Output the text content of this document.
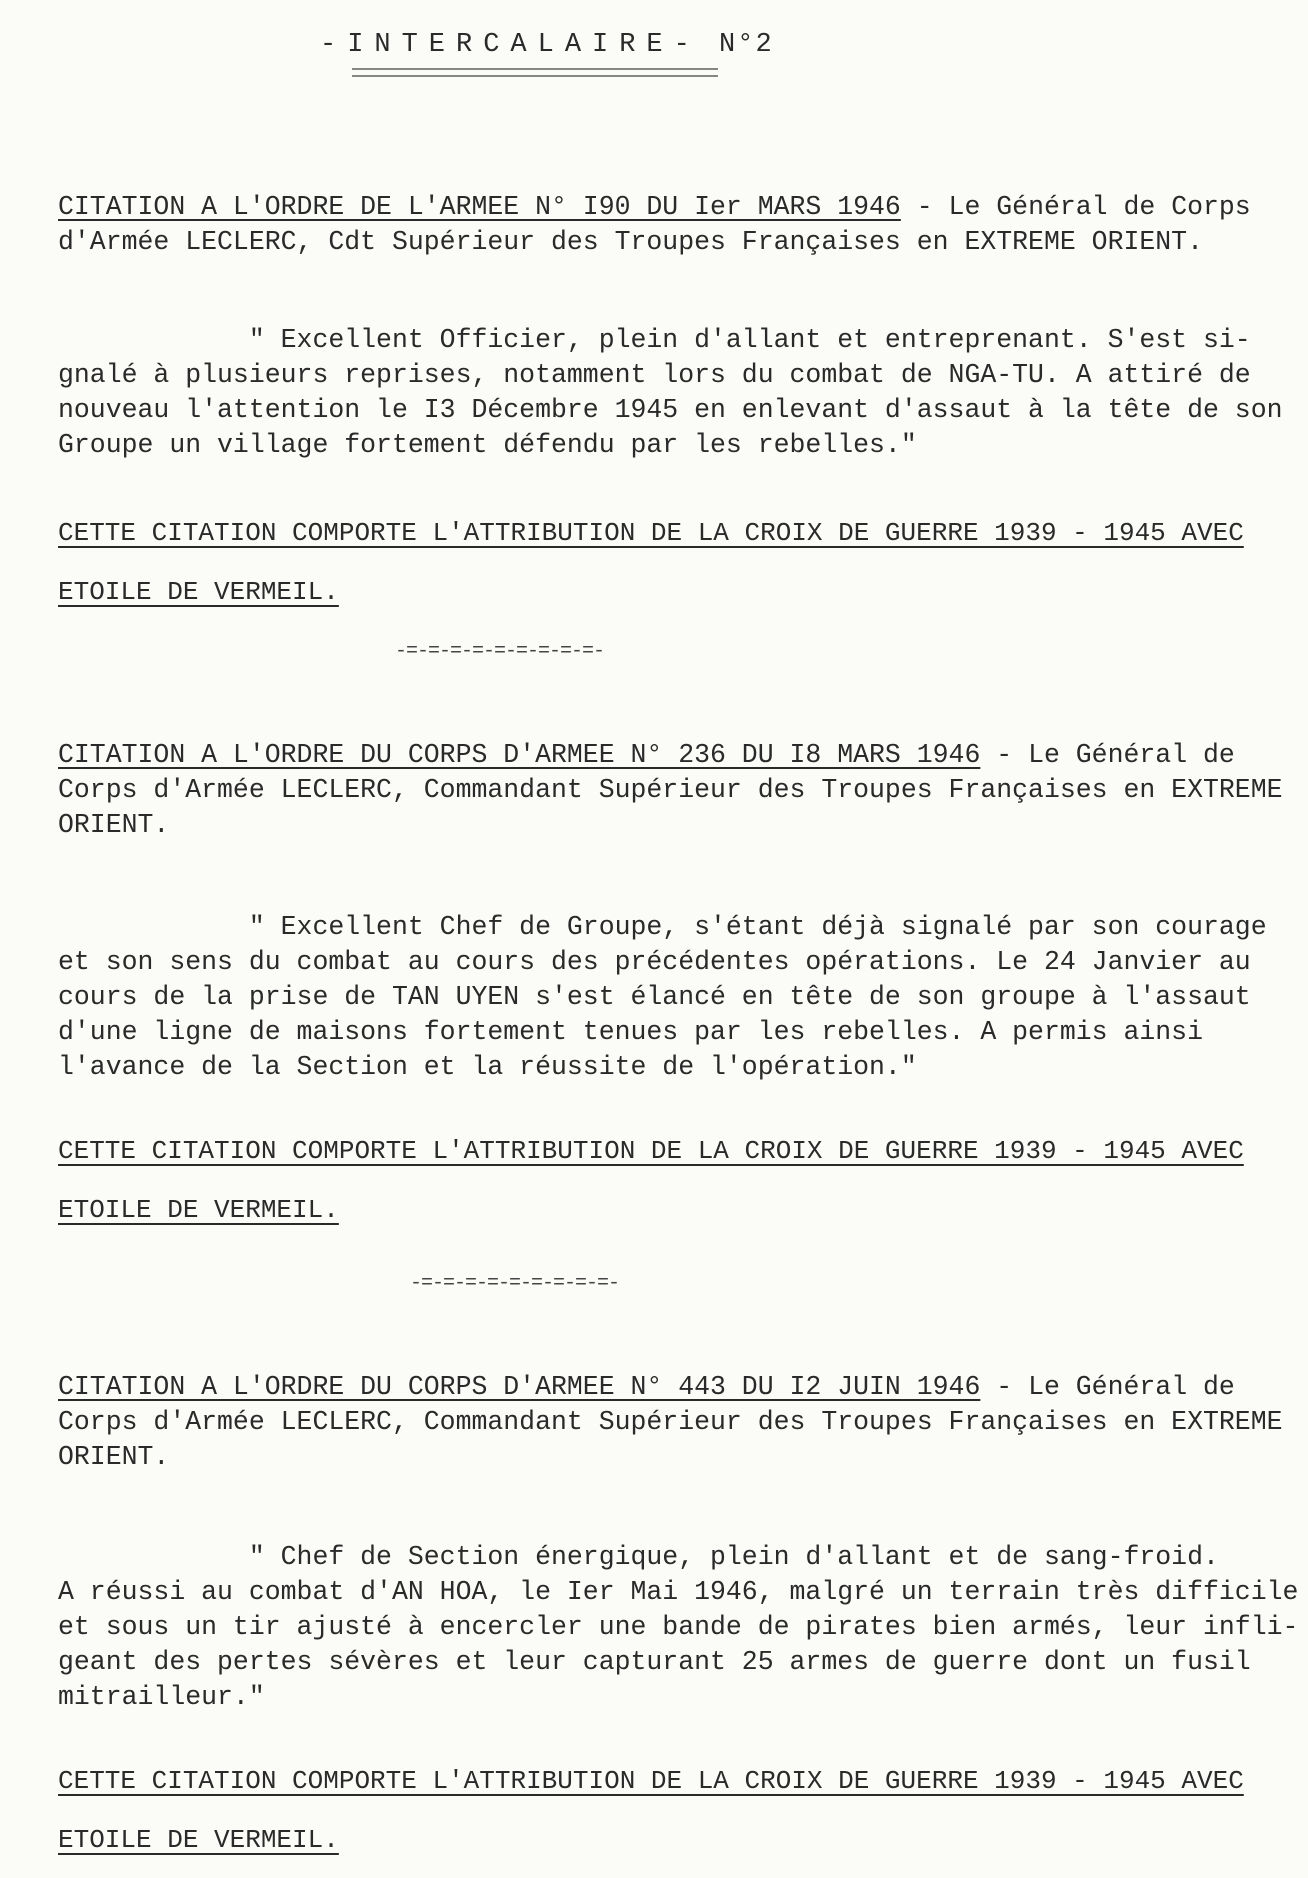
-INTERCALAIRE- N°2
CITATION A L'ORDRE DE L'ARMEE N° I90 DU Ier MARS 1946 - Le Général de Corps
d'Armée LECLERC, Cdt Supérieur des Troupes Françaises en EXTREME ORIENT.
" Excellent Officier, plein d'allant et entreprenant. S'est si-
gnalé à plusieurs reprises, notamment lors du combat de NGA-TU. A attiré de
nouveau l'attention le I3 Décembre 1945 en enlevant d'assaut à la tête de son
Groupe un village fortement défendu par les rebelles."
CETTE CITATION COMPORTE L'ATTRIBUTION DE LA CROIX DE GUERRE 1939 - 1945 AVEC
ETOILE DE VERMEIL.
-=-=-=-=-=-=-=-=-=-
CITATION A L'ORDRE DU CORPS D'ARMEE N° 236 DU I8 MARS 1946 - Le Général de
Corps d'Armée LECLERC, Commandant Supérieur des Troupes Françaises en EXTREME
ORIENT.
" Excellent Chef de Groupe, s'étant déjà signalé par son courage
et son sens du combat au cours des précédentes opérations. Le 24 Janvier au
cours de la prise de TAN UYEN s'est élancé en tête de son groupe à l'assaut
d'une ligne de maisons fortement tenues par les rebelles. A permis ainsi
l'avance de la Section et la réussite de l'opération."
CETTE CITATION COMPORTE L'ATTRIBUTION DE LA CROIX DE GUERRE 1939 - 1945 AVEC
ETOILE DE VERMEIL.
-=-=-=-=-=-=-=-=-=-
CITATION A L'ORDRE DU CORPS D'ARMEE N° 443 DU I2 JUIN 1946 - Le Général de
Corps d'Armée LECLERC, Commandant Supérieur des Troupes Françaises en EXTREME
ORIENT.
" Chef de Section énergique, plein d'allant et de sang-froid.
A réussi au combat d'AN HOA, le Ier Mai 1946, malgré un terrain très difficile
et sous un tir ajusté à encercler une bande de pirates bien armés, leur infli-
geant des pertes sévères et leur capturant 25 armes de guerre dont un fusil
mitrailleur."
CETTE CITATION COMPORTE L'ATTRIBUTION DE LA CROIX DE GUERRE 1939 - 1945 AVEC
ETOILE DE VERMEIL.
